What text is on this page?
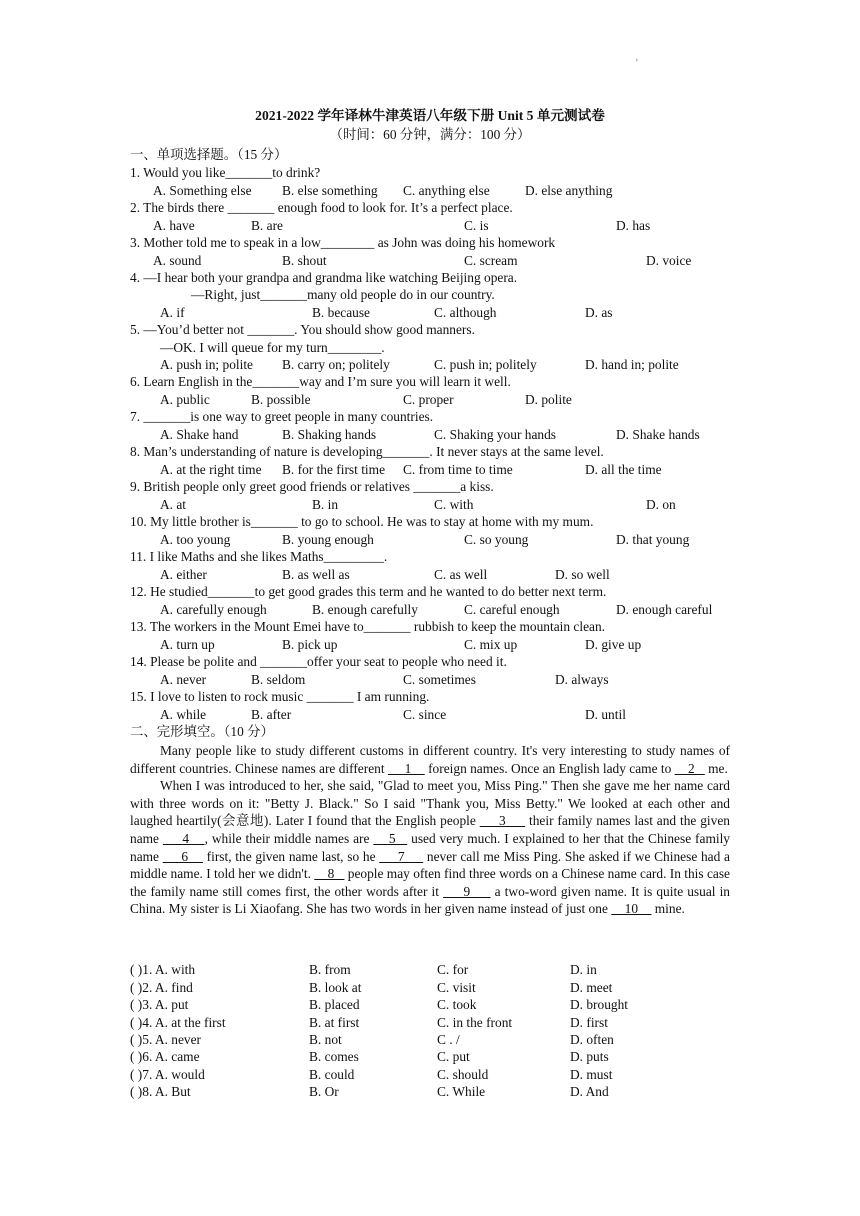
'
2021-2022 学年译林牛津英语八年级下册 Unit 5 单元测试卷
（时间：60 分钟，满分：100 分）
一、单项选择题。（15 分）
1. Would you like_______to drink?
A. Something else B. else something C. anything else	D. else anything
2. The birds there _______ enough food to look for. It’s a perfect place.
A. have	B. are	C. is	D. has
3. Mother told me to speak in a low________ as John was doing his homework
A. sound	B. shout	C. scream	D. voice
4. —I hear both your grandpa and grandma like watching Beijing opera.
—Right, just_______many old people do in our country.
A. if	B. because	C. although	D. as
5. —You’d better not _______. You should show good manners.
—OK. I will queue for my turn________.
A. push in; polite B. carry on; politely	C. push in; politely	D. hand in; polite
6. Learn English in the_______way and I’m sure you will learn it well.
A. public	B. possible	C. proper	D. polite
7. _______is one way to greet people in many countries.
A. Shake hand	B. Shaking hands	C. Shaking your hands	D. Shake hands
8. Man’s understanding of nature is developing_______. It never stays at the same level.
A. at the right time B. for the first time C. from time to time	D. all the time
9. British people only greet good friends or relatives _______a kiss.
A. at	B. in	C. with	D. on
10. My little brother is_______ to go to school. He was to stay at home with my mum.
A. too young	B. young enough	C. so young	D. that young
11. I like Maths and she likes Maths_________.
A. either	B. as well as	C. as well	D. so well
12. He studied_______to get good grades this term and he wanted to do better next term.
A. carefully enough	B. enough carefully	C. careful enough	D. enough careful
13. The workers in the Mount Emei have to_______ rubbish to keep the mountain clean.
A. turn up	B. pick up	C. mix up	D. give up
14. Please be polite and _______offer your seat to people who need it.
A. never	B. seldom	C. sometimes	D. always
15. I love to listen to rock music _______ I am running.
A. while	B. after	C. since	D. until
二、完形填空。（10 分）

Many people like to study different customs in different country. It's very interesting to study names of different countries. Chinese names are different      1     foreign names. Once an English lady came to     2    me.

When I was introduced to her, she said, "Glad to meet you, Miss Ping." Then she gave me her name card with three words on it: "Betty J. Black." So I said "Thank you, Miss Betty." We looked at each other and laughed heartily(会意地). Later I found that the English people      3      their family names last and the given name      4    , while their middle names are     5    used very much. I explained to her that the Chinese family name      6     first, the given name last, so he      7      never call me Miss Ping. She asked if we Chinese had a middle name. I told her we didn't.     8    people may often find three words on a Chinese name card. In this case the family name still comes first, the other words after it      9      a two-word given name. It is quite usual in China. My sister is Li Xiaofang. She has two words in her given name instead of just one     10     mine.

( )1. A. with	B. from	C. for	D. in
( )2. A. find	B. look at	C. visit	D. meet
( )3. A. put	B. placed	C. took	D. brought
( )4. A. at the first	B. at first	C. in the front	D. first
( )5. A. never	B. not	C . /	D. often
( )6. A. came	B. comes	C. put	D. puts
( )7. A. would	B. could	C. should	D. must
( )8. A. But	B. Or	C. While	D. And
